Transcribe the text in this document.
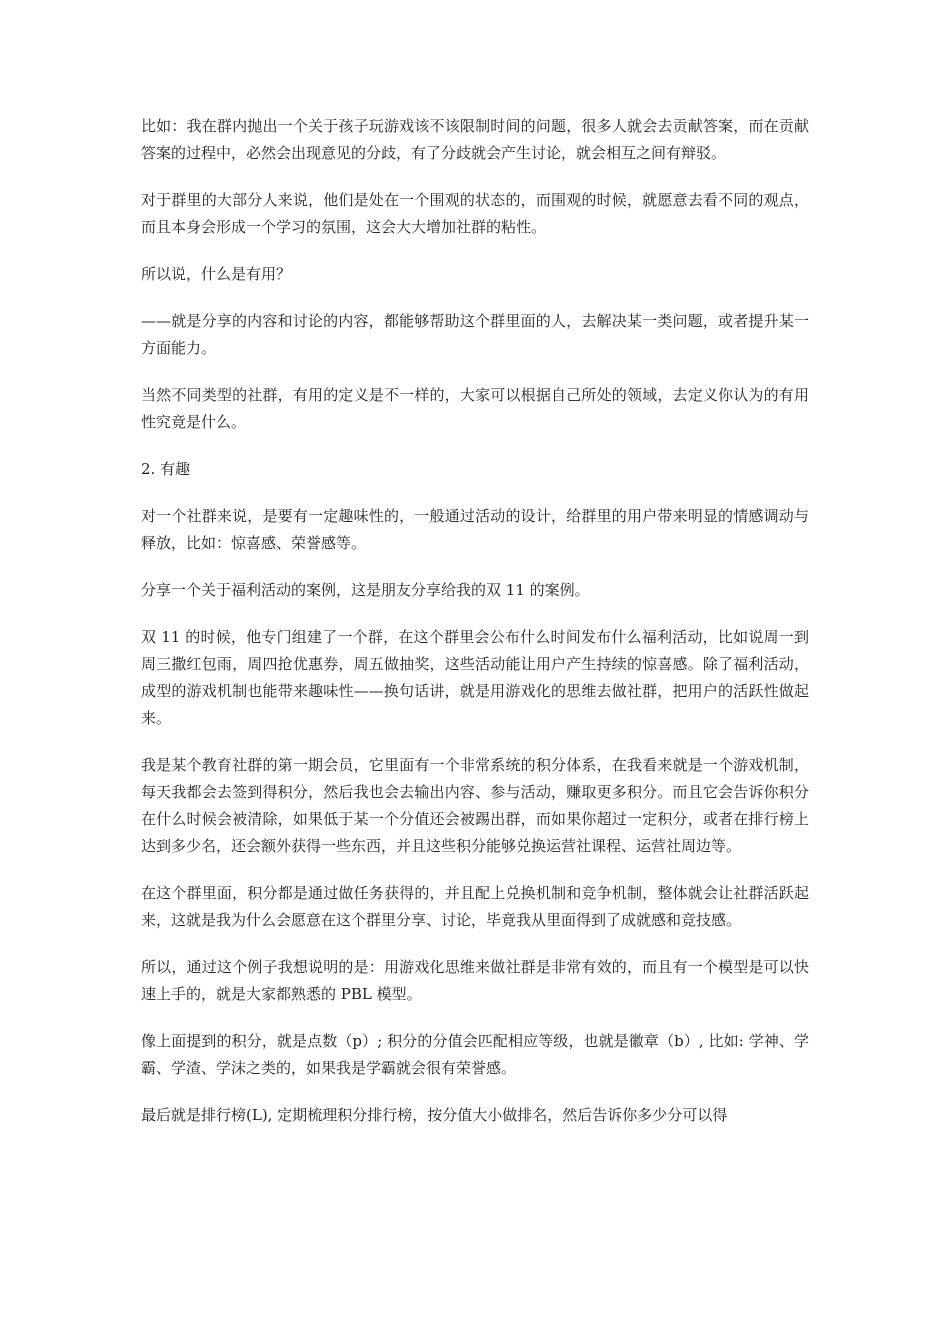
比如：我在群内抛出一个关于孩子玩游戏该不该限制时间的问题，很多人就会去贡献答案，而在贡献答案的过程中，必然会出现意见的分歧，有了分歧就会产生讨论，就会相互之间有辩驳。

对于群里的大部分人来说，他们是处在一个围观的状态的，而围观的时候，就愿意去看不同的观点，而且本身会形成一个学习的氛围，这会大大增加社群的粘性。

所以说，什么是有用？

——就是分享的内容和讨论的内容，都能够帮助这个群里面的人，去解决某一类问题，或者提升某一方面能力。

当然不同类型的社群，有用的定义是不一样的，大家可以根据自己所处的领域，去定义你认为的有用性究竟是什么。

2. 有趣

对一个社群来说，是要有一定趣味性的，一般通过活动的设计，给群里的用户带来明显的情感调动与释放，比如：惊喜感、荣誉感等。

分享一个关于福利活动的案例，这是朋友分享给我的双 11 的案例。

双 11 的时候，他专门组建了一个群，在这个群里会公布什么时间发布什么福利活动，比如说周一到周三撒红包雨，周四抢优惠券，周五做抽奖，这些活动能让用户产生持续的惊喜感。除了福利活动，成型的游戏机制也能带来趣味性——换句话讲，就是用游戏化的思维去做社群，把用户的活跃性做起来。

我是某个教育社群的第一期会员，它里面有一个非常系统的积分体系，在我看来就是一个游戏机制，每天我都会去签到得积分，然后我也会去输出内容、参与活动，赚取更多积分。而且它会告诉你积分在什么时候会被清除，如果低于某一个分值还会被踢出群，而如果你超过一定积分，或者在排行榜上达到多少名，还会额外获得一些东西，并且这些积分能够兑换运营社课程、运营社周边等。

在这个群里面，积分都是通过做任务获得的，并且配上兑换机制和竞争机制，整体就会让社群活跃起来，这就是我为什么会愿意在这个群里分享、讨论，毕竟我从里面得到了成就感和竞技感。

所以，通过这个例子我想说明的是：用游戏化思维来做社群是非常有效的，而且有一个模型是可以快速上手的，就是大家都熟悉的 PBL 模型。

像上面提到的积分，就是点数（p）; 积分的分值会匹配相应等级，也就是徽章（b）, 比如: 学神、学霸、学渣、学沫之类的，如果我是学霸就会很有荣誉感。

最后就是排行榜(L), 定期梳理积分排行榜，按分值大小做排名，然后告诉你多少分可以得
